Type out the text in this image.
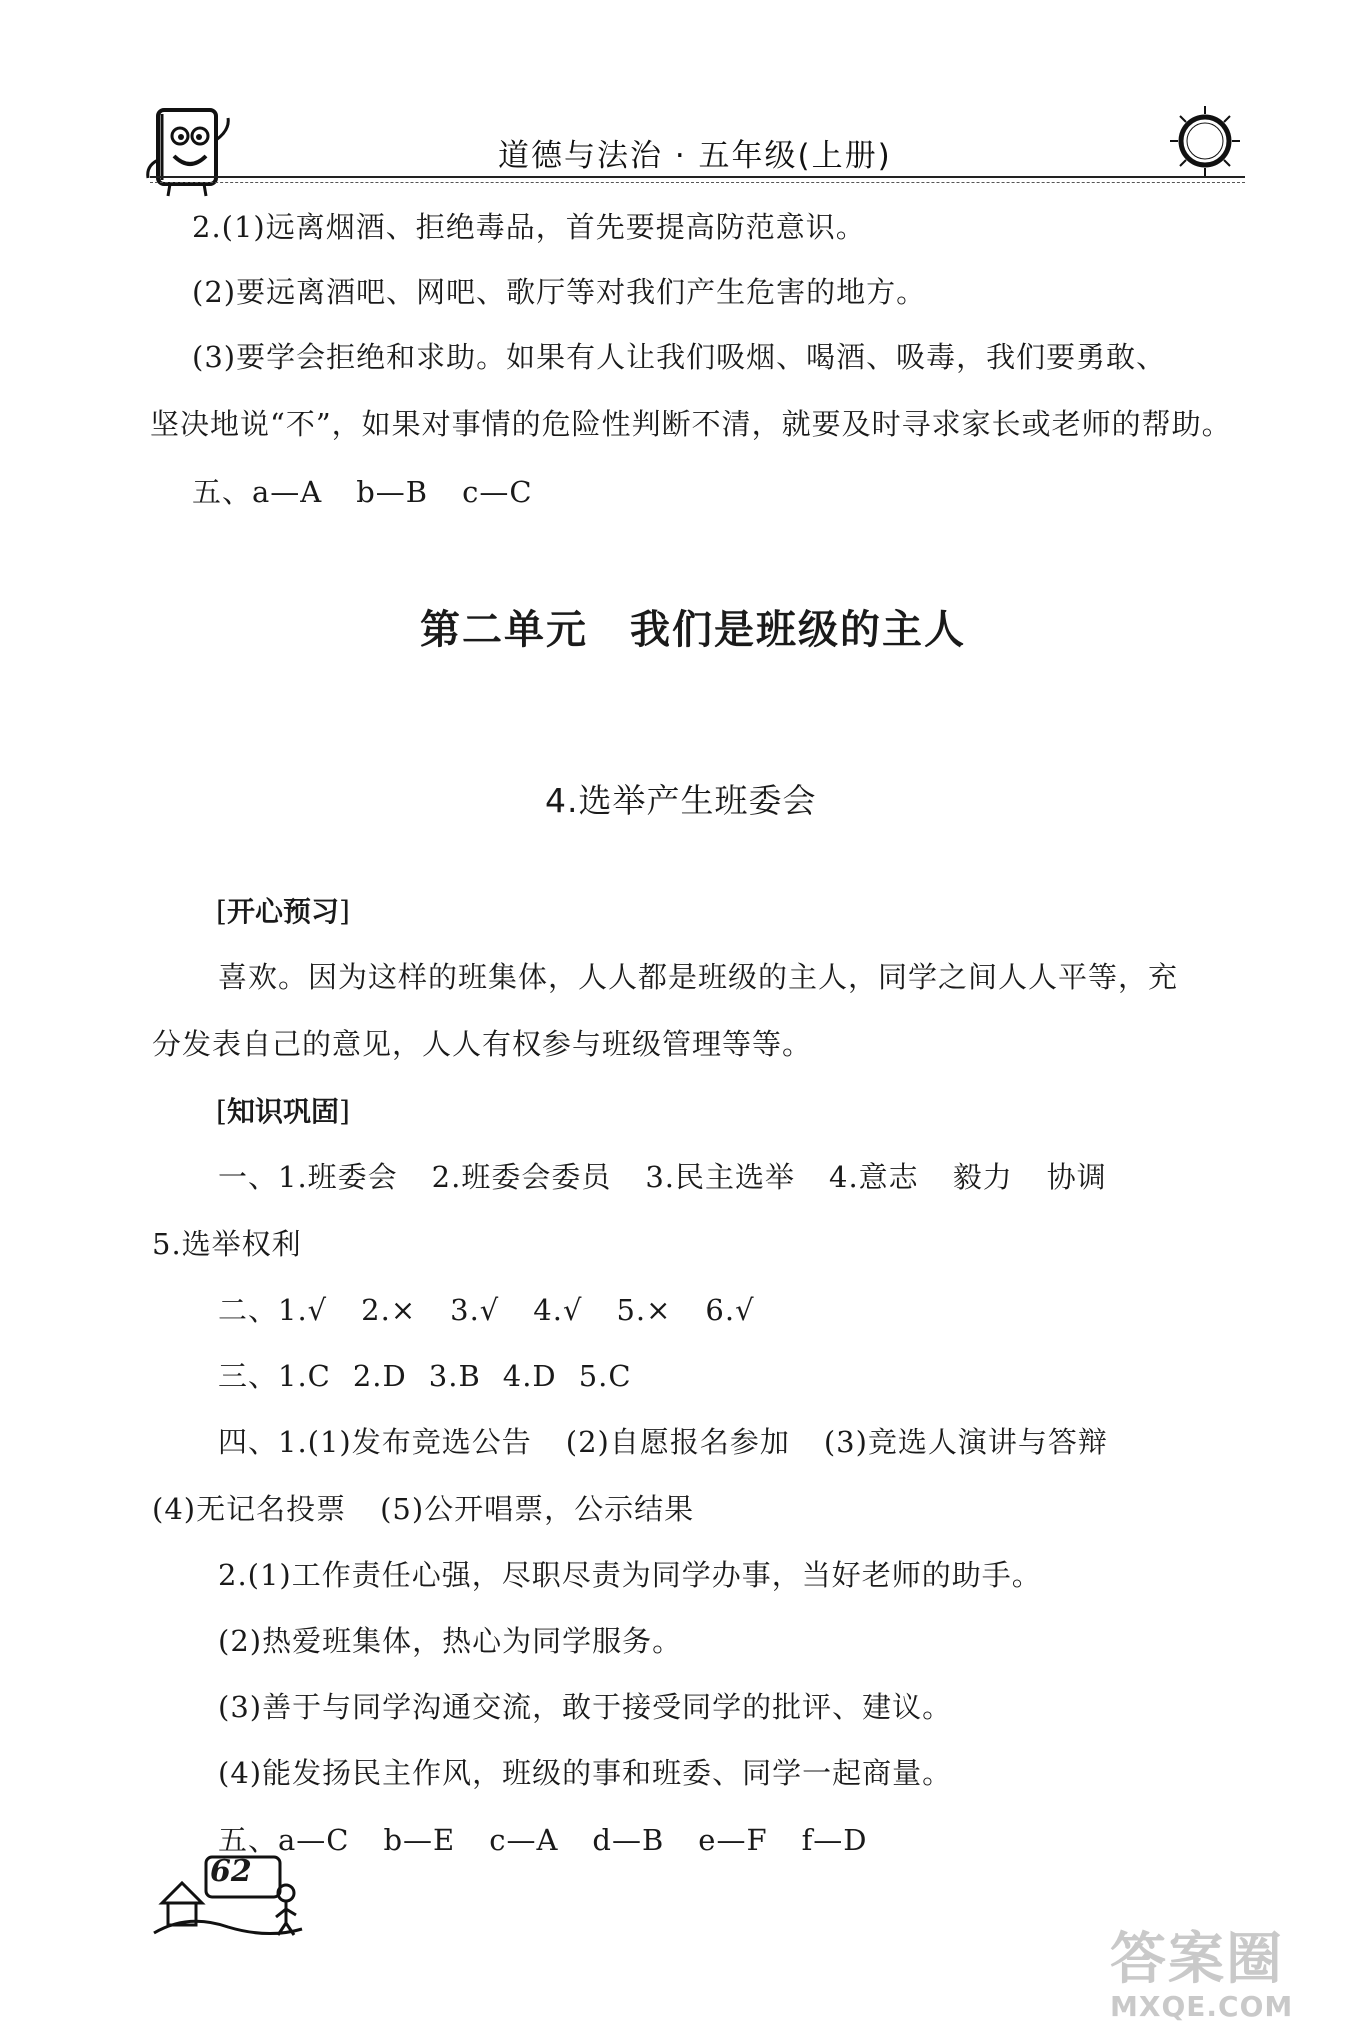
道德与法治 · 五年级(上册)
2.(1)远离烟酒、拒绝毒品，首先要提高防范意识。
(2)要远离酒吧、网吧、歌厅等对我们产生危害的地方。
(3)要学会拒绝和求助。如果有人让我们吸烟、喝酒、吸毒，我们要勇敢、
坚决地说“不”，如果对事情的危险性判断不清，就要及时寻求家长或老师的帮助。
五、a—A b—B c—C
第二单元　我们是班级的主人
4.选举产生班委会
[开心预习]
喜欢。因为这样的班集体，人人都是班级的主人，同学之间人人平等，充
分发表自己的意见，人人有权参与班级管理等等。
[知识巩固]
一、1.班委会 2.班委会委员 3.民主选举 4.意志 毅力 协调
5.选举权利
二、1.√ 2.× 3.√ 4.√ 5.× 6.√
三、1.C 2.D 3.B 4.D 5.C
四、1.(1)发布竞选公告 (2)自愿报名参加 (3)竞选人演讲与答辩
(4)无记名投票 (5)公开唱票，公示结果
2.(1)工作责任心强，尽职尽责为同学办事，当好老师的助手。
(2)热爱班集体，热心为同学服务。
(3)善于与同学沟通交流，敢于接受同学的批评、建议。
(4)能发扬民主作风，班级的事和班委、同学一起商量。
五、a—C b—E c—A d—B e—F f—D
62
答案圈
MXQE.COM
